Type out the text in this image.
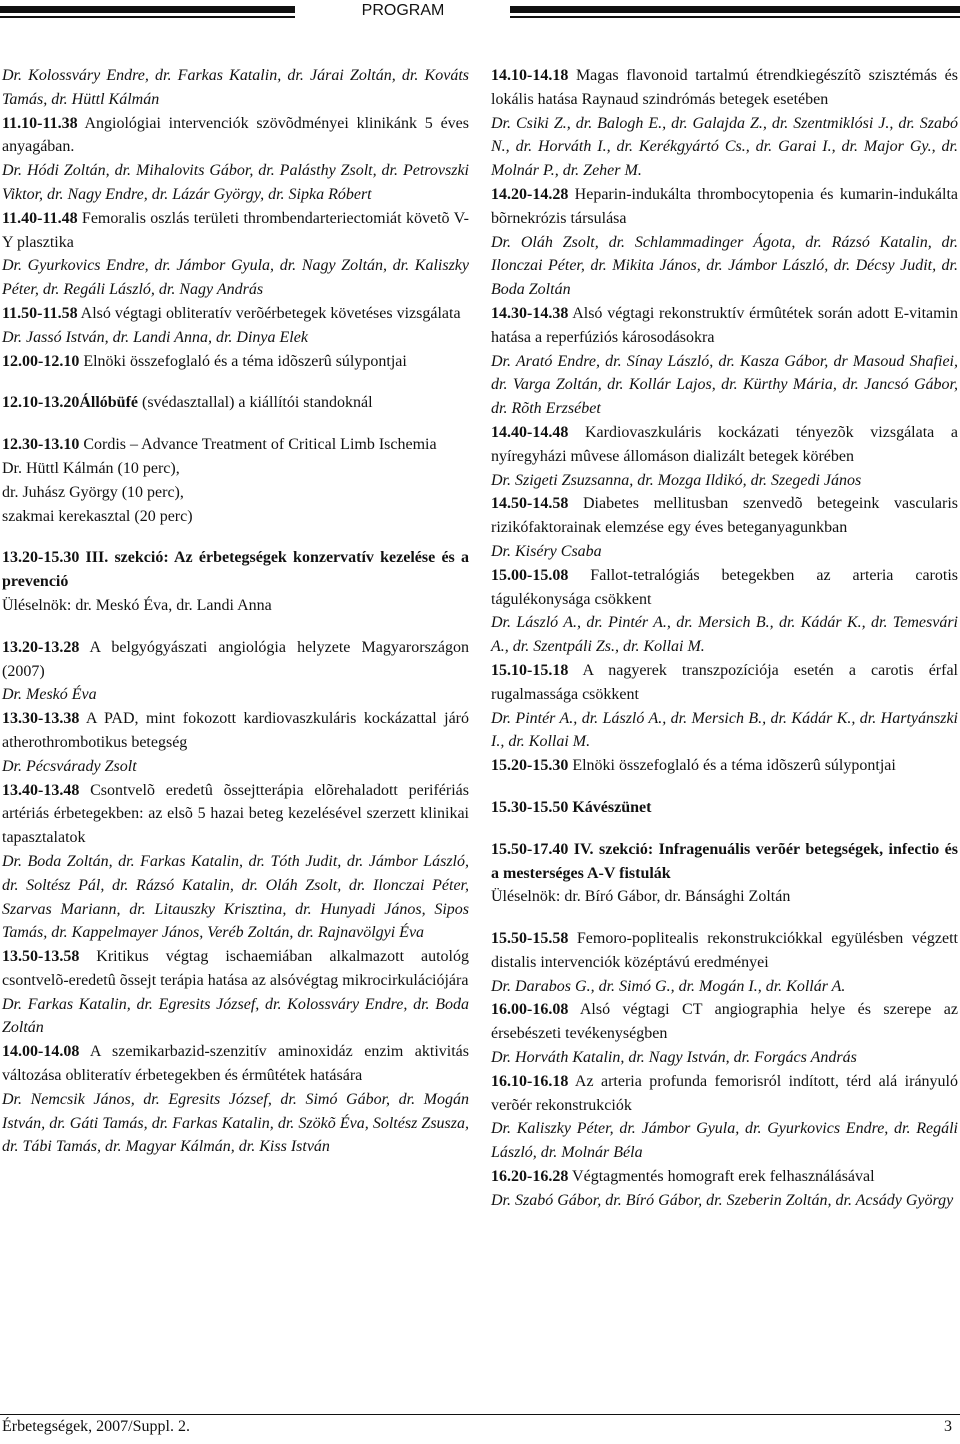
PROGRAM

Dr. Kolossváry Endre, dr. Farkas Katalin, dr. Járai Zoltán, dr. Kováts Tamás, dr. Hüttl Kálmán

11.10-11.38 Angiológiai intervenciók szövõdményei klinikánk 5 éves anyagában.

Dr. Hódi Zoltán, dr. Mihalovits Gábor, dr. Palásthy Zsolt, dr. Petrovszki Viktor, dr. Nagy Endre, dr. Lázár György, dr. Sipka Róbert

11.40-11.48 Femoralis oszlás területi thrombendarteriectomiát követõ V-Y plasztika

Dr. Gyurkovics Endre, dr. Jámbor Gyula, dr. Nagy Zoltán, dr. Kaliszky Péter, dr. Regáli László, dr. Nagy András

11.50-11.58 Alsó végtagi obliteratív verõérbetegek követéses vizsgálata

Dr. Jassó István, dr. Landi Anna, dr. Dinya Elek

12.00-12.10 Elnöki összefoglaló és a téma idõszerû súlypontjai

12.10-13.20Állóbüfé (svédasztallal) a kiállítói standoknál

12.30-13.10 Cordis – Advance Treatment of Critical Limb Ischemia

Dr. Hüttl Kálmán (10 perc),

dr. Juhász György (10 perc),

szakmai kerekasztal (20 perc)

13.20-15.30 III. szekció: Az érbetegségek konzervatív kezelése és a prevenció

Üléselnök: dr. Meskó Éva, dr. Landi Anna

13.20-13.28 A belgyógyászati angiológia helyzete Magyarországon (2007)

Dr. Meskó Éva

13.30-13.38 A PAD, mint fokozott kardiovaszkuláris kockázattal járó atherothrombotikus betegség

Dr. Pécsvárady Zsolt

13.40-13.48 Csontvelõ eredetû õssejtterápia elõrehaladott perifériás artériás érbetegekben: az elsõ 5 hazai beteg kezelésével szerzett klinikai tapasztalatok

Dr. Boda Zoltán, dr. Farkas Katalin, dr. Tóth Judit, dr. Jámbor László, dr. Soltész Pál, dr. Rázsó Katalin, dr. Oláh Zsolt, dr. Ilonczai Péter, Szarvas Mariann, dr. Litauszky Krisztina, dr. Hunyadi János, Sipos Tamás, dr. Kappelmayer János, Veréb Zoltán, dr. Rajnavölgyi Éva

13.50-13.58 Kritikus végtag ischaemiában alkalmazott autológ csontvelõ-eredetû õssejt terápia hatása az alsóvégtag mikrocirkulációjára

Dr. Farkas Katalin, dr. Egresits József, dr. Kolossváry Endre, dr. Boda Zoltán

14.00-14.08 A szemikarbazid-szenzitív aminoxidáz enzim aktivitás változása obliteratív érbetegekben és érmûtétek hatására

Dr. Nemcsik János, dr. Egresits József, dr. Simó Gábor, dr. Mogán István, dr. Gáti Tamás, dr. Farkas Katalin, dr. Szökõ Éva, Soltész Zsusza, dr. Tábi Tamás, dr. Magyar Kálmán, dr. Kiss István

14.10-14.18 Magas flavonoid tartalmú étrendkiegészítõ szisztémás és lokális hatása Raynaud szindrómás betegek esetében

Dr. Csiki Z., dr. Balogh E., dr. Galajda Z., dr. Szentmiklósi J., dr. Szabó N., dr. Horváth I., dr. Kerékgyártó Cs., dr. Garai I., dr. Major Gy., dr. Molnár P., dr. Zeher M.

14.20-14.28 Heparin-indukálta thrombocytopenia és kumarin-indukálta bõrnekrózis társulása

Dr. Oláh Zsolt, dr. Schlammadinger Ágota, dr. Rázsó Katalin, dr. Ilonczai Péter, dr. Mikita János, dr. Jámbor László, dr. Décsy Judit, dr. Boda Zoltán

14.30-14.38 Alsó végtagi rekonstruktív érmûtétek során adott E-vitamin hatása a reperfúziós károsodásokra

Dr. Arató Endre, dr. Sínay László, dr. Kasza Gábor, dr Masoud Shafiei, dr. Varga Zoltán, dr. Kollár Lajos, dr. Kürthy Mária, dr. Jancsó Gábor, dr. Rõth Erzsébet

14.40-14.48 Kardiovaszkuláris kockázati tényezõk vizsgálata a nyíregyházi mûvese állomáson dializált betegek körében

Dr. Szigeti Zsuzsanna, dr. Mozga Ildikó, dr. Szegedi János

14.50-14.58 Diabetes mellitusban szenvedõ betegeink vascularis rizikófaktorainak elemzése egy éves beteganyagunkban

Dr. Kiséry Csaba

15.00-15.08 Fallot-tetralógiás betegekben az arteria carotis tágulékonysága csökkent

Dr. László A., dr. Pintér A., dr. Mersich B., dr. Kádár K., dr. Temesvári A., dr. Szentpáli Zs., dr. Kollai M.

15.10-15.18 A nagyerek transzpozíciója esetén a carotis érfal rugalmassága csökkent

Dr. Pintér A., dr. László A., dr. Mersich B., dr. Kádár K., dr. Hartyánszki I., dr. Kollai M.

15.20-15.30 Elnöki összefoglaló és a téma idõszerû súlypontjai

15.30-15.50 Kávészünet

15.50-17.40 IV. szekció: Infragenuális verõér betegségek, infectio és a mesterséges A-V fistulák

Üléselnök: dr. Bíró Gábor, dr. Bánsághi Zoltán

15.50-15.58 Femoro-poplitealis rekonstrukciókkal együlésben végzett distalis intervenciók középtávú eredményei

Dr. Darabos G., dr. Simó G., dr. Mogán I., dr. Kollár A.

16.00-16.08 Alsó végtagi CT angiographia helye és szerepe az érsebészeti tevékenységben

Dr. Horváth Katalin, dr. Nagy István, dr. Forgács András

16.10-16.18 Az arteria profunda femorisról indított, térd alá irányuló verõér rekonstrukciók

Dr. Kaliszky Péter, dr. Jámbor Gyula, dr. Gyurkovics Endre, dr. Regáli László, dr. Molnár Béla

16.20-16.28 Végtagmentés homograft erek felhasználásával

Dr. Szabó Gábor, dr. Bíró Gábor, dr. Szeberin Zoltán, dr. Acsády György

Érbetegségek, 2007/Suppl. 2.	3
